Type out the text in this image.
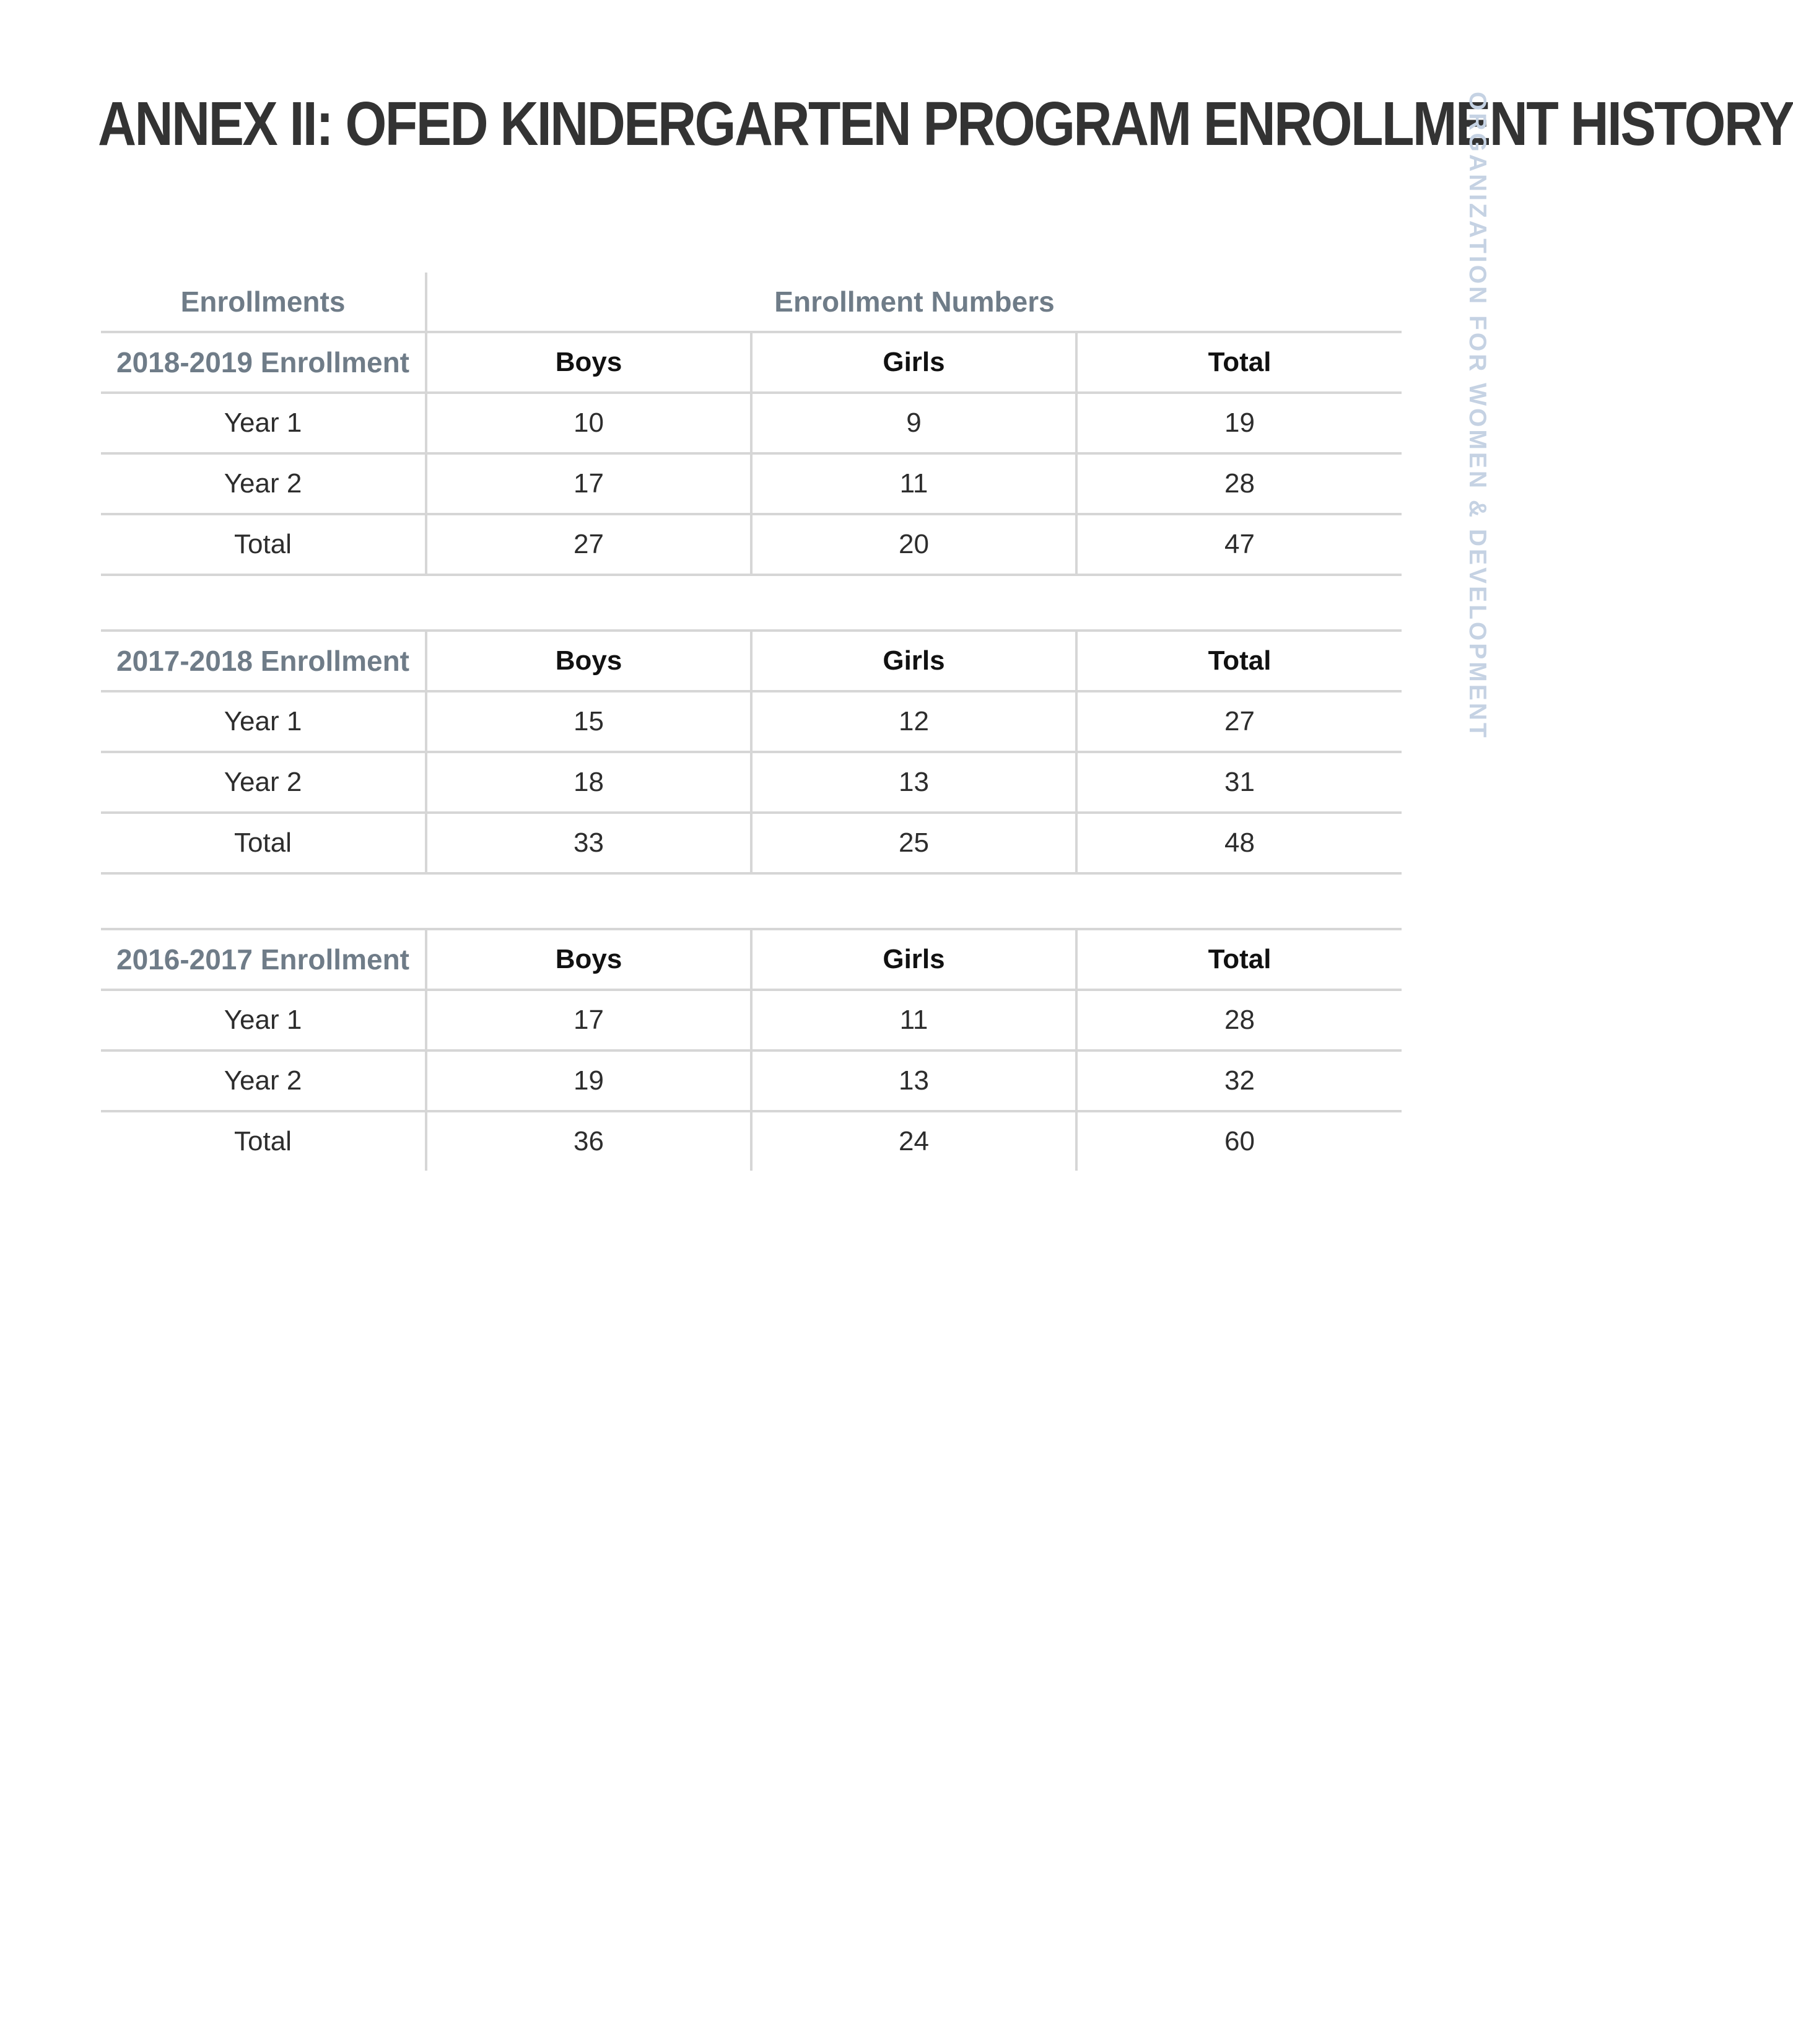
ANNEX II: OFED KINDERGARTEN PROGRAM ENROLLMENT HISTORY
ORGANIZATION FOR WOMEN & DEVELOPMENT
Enrollments	Enrollment Numbers		
2018-2019 Enrollment	Boys	Girls	Total
Year 1	10	9	19
Year 2	17	11	28
Total	27	20	47

2017-2018 Enrollment	Boys	Girls	Total
Year 1	15	12	27
Year 2	18	13	31
Total	33	25	48

2016-2017 Enrollment	Boys	Girls	Total
Year 1	17	11	28
Year 2	19	13	32
Total	36	24	60
